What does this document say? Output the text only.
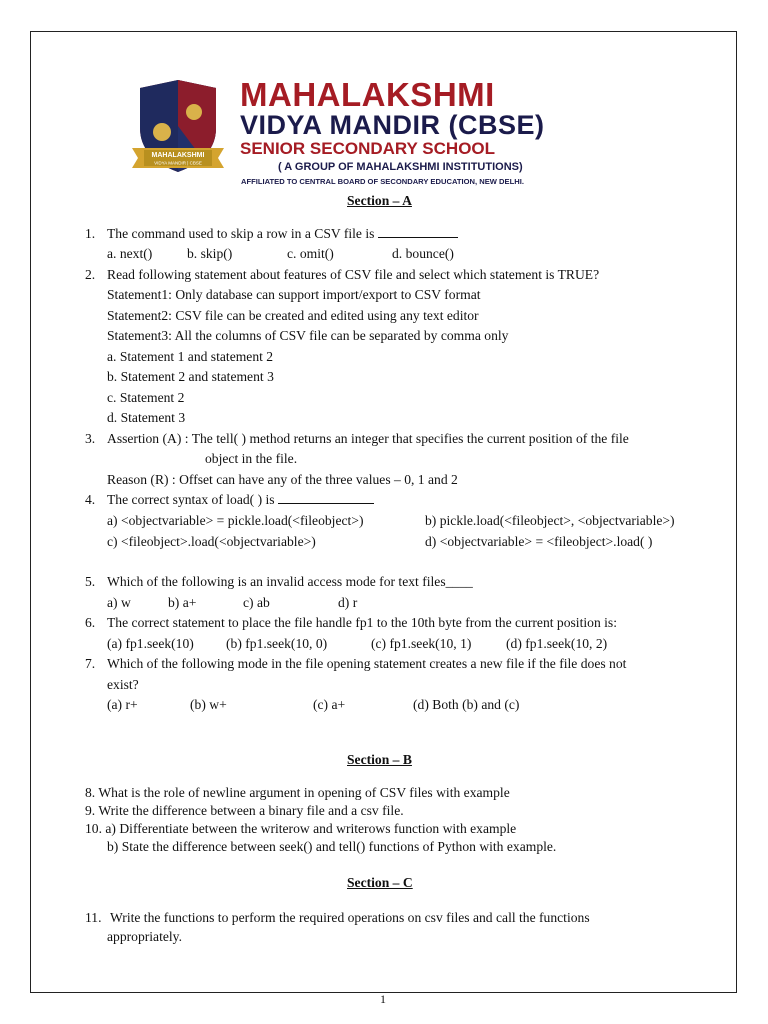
MAHALAKSHMI
VIDYA MANDIR | CBSE
MAHALAKSHMI
VIDYA MANDIR (CBSE)
SENIOR SECONDARY SCHOOL
( A GROUP OF MAHALAKSHMI INSTITUTIONS)
AFFILIATED TO CENTRAL BOARD OF SECONDARY EDUCATION, NEW DELHI.
Section – A
1. The command used to skip a row in a CSV file is
a. next()	b. skip()	c. omit()	d. bounce()
2. Read following statement about features of CSV file and select which statement is TRUE?
Statement1: Only database can support import/export to CSV format
Statement2: CSV file can be created and edited using any text editor
Statement3: All the columns of CSV file can be separated by comma only
a. Statement 1 and statement 2
b. Statement 2 and statement 3
c. Statement 2
d. Statement 3
3. Assertion (A) : The tell( ) method returns an integer that specifies the current position of the file
object in the file.
Reason (R) : Offset can have any of the three values – 0, 1 and 2
4. The correct syntax of load( ) is
a) <objectvariable> = pickle.load(<fileobject>)	b) pickle.load(<fileobject>, <objectvariable>)
c) <fileobject>.load(<objectvariable>)	d) <objectvariable> = <fileobject>.load( )
5. Which of the following is an invalid access mode for text files____
a) w	b) a+	c) ab	d) r
6. The correct statement to place the file handle fp1 to the 10th byte from the current position is:
(a) fp1.seek(10) (b) fp1.seek(10, 0)	(c) fp1.seek(10, 1)	(d) fp1.seek(10, 2)
7. Which of the following mode in the file opening statement creates a new file if the file does not
exist?
(a) r+	(b) w+	(c) a+	(d) Both (b) and (c)
Section – B
8. What is the role of newline argument in opening of CSV files with example
9. Write the difference between a binary file and a csv file.
10. a) Differentiate between the writerow and writerows function with example
b) State the difference between seek() and tell() functions of Python with example.
Section – C
11. Write the functions to perform the required operations on csv files and call the functions
appropriately.
1
